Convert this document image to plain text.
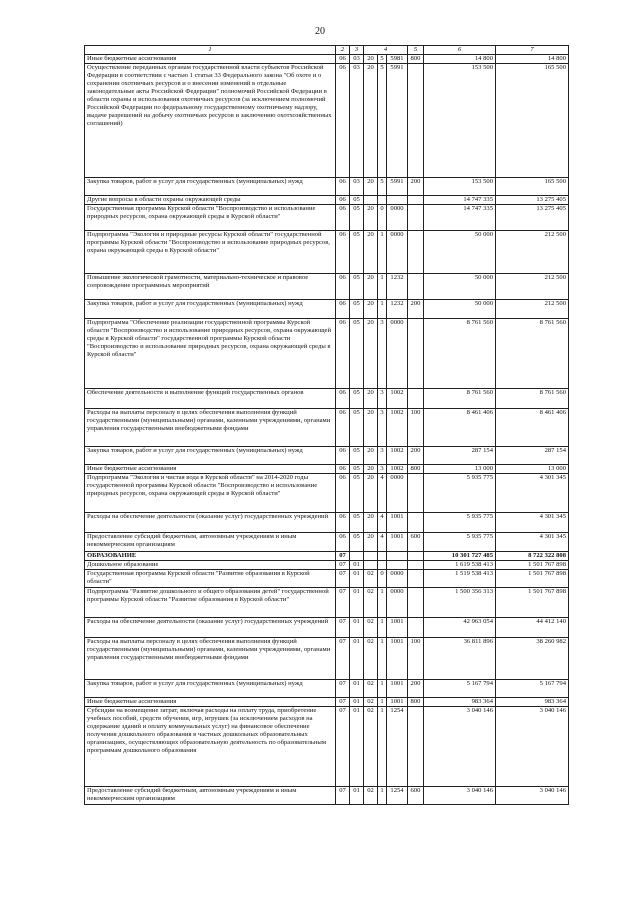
20
1	2	3	4			5	6	7
Иные бюджетные ассигнования	06	03	20	5	5981	800	14 800	14 800
Осуществление переданных органам государственной власти субъектов Российской Федерации в соответствии с частью 1 статьи 33 Федерального закона "Об охоте и о сохранении охотничьих ресурсов и о внесении изменений в отдельные законодательные акты Российской Федерации" полномочий Российской Федерации в области охраны и использования охотничьих ресурсов (за исключением полномочий Российской Федерации по федеральному государственному охотничьему надзору, выдаче разрешений на добычу охотничьих ресурсов и заключению охотхозяйственных соглашений)	06	03	20	5	5991		153 500	165 500
Закупка товаров, работ и услуг для государственных (муниципальных) нужд	06	03	20	5	5991	200	153 500	165 500
Другие вопросы в области охраны окружающей среды	06	05					14 747 335	13 275 405
Государственная программа Курской области "Воспроизводство и использование природных ресурсов, охрана окружающей среды в Курской области"	06	05	20	0	0000		14 747 335	13 275 405
Подпрограмма "Экология и природные ресурсы Курской области" государственной программы Курской области "Воспроизводство и использование природных ресурсов, охрана окружающей среды в Курской области"	06	05	20	1	0000		50 000	212 500
Повышение экологической грамотности, материально-техническое и правовое сопровождение программных мероприятий	06	05	20	1	1232		50 000	212 500
Закупка товаров, работ и услуг для государственных (муниципальных) нужд	06	05	20	1	1232	200	50 000	212 500
Подпрограмма "Обеспечение реализации государственной программы Курской области "Воспроизводство и использование природных ресурсов, охрана окружающей среды в Курской области" государственной программы Курской области "Воспроизводство и использование природных ресурсов, охрана окружающей среды в Курской области"	06	05	20	3	0000		8 761 560	8 761 560
Обеспечение деятельности и выполнение функций государственных органов	06	05	20	3	1002		8 761 560	8 761 560
Расходы на выплаты персоналу в целях обеспечения выполнения функций государственными (муниципальными) органами, казенными учреждениями, органами управления государственными внебюджетными фондами	06	05	20	3	1002	100	8 461 406	8 461 406
Закупка товаров, работ и услуг для государственных (муниципальных) нужд	06	05	20	3	1002	200	287 154	287 154
Иные бюджетные ассигнования	06	05	20	3	1002	800	13 000	13 000
Подпрограмма "Экология и чистая вода в Курской области" на 2014-2020 годы государственной программы Курской области "Воспроизводство и использование природных ресурсов, охрана окружающей среды в Курской области"	06	05	20	4	0000		5 935 775	4 301 345
Расходы на обеспечение деятельности (оказание услуг) государственных учреждений	06	05	20	4	1001		5 935 775	4 301 345
Предоставление субсидий бюджетным, автономным учреждениям и иным некоммерческим организациям	06	05	20	4	1001	600	5 935 775	4 301 345
ОБРАЗОВАНИЕ	07						10 301 727 485	8 722 322 808
Дошкольное образование	07	01					1 619 538 413	1 501 767 898
Государственная программа Курской области "Развитие образования в Курской области"	07	01	02	0	0000		1 519 538 413	1 501 767 898
Подпрограмма "Развитие дошкольного и общего образования детей" государственной программы Курской области "Развитие образования в Курской области"	07	01	02	1	0000		1 500 356 313	1 501 767 898
Расходы на обеспечение деятельности (оказание услуг) государственных учреждений	07	01	02	1	1001		42 963 054	44 412 140
Расходы на выплаты персоналу в целях обеспечения выполнения функций государственными (муниципальными) органами, казенными учреждениями, органами управления государственными внебюджетными фондами	07	01	02	1	1001	100	36 811 896	38 260 982
Закупка товаров, работ и услуг для государственных (муниципальных) нужд	07	01	02	1	1001	200	5 167 794	5 167 794
Иные бюджетные ассигнования	07	01	02	1	1001	800	983 364	983 364
Субсидии на возмещение затрат, включая расходы на оплату труда, приобретение учебных пособий, средств обучения, игр, игрушек (за исключением расходов на содержание зданий и оплату коммунальных услуг) на финансовое обеспечение получения дошкольного образования в частных дошкольных образовательных организациях, осуществляющих образовательную деятельность по образовательным программам дошкольного образования	07	01	02	1	1254		3 040 146	3 040 146
Предоставление субсидий бюджетным, автономным учреждениям и иным некоммерческим организациям	07	01	02	1	1254	600	3 040 146	3 040 146
